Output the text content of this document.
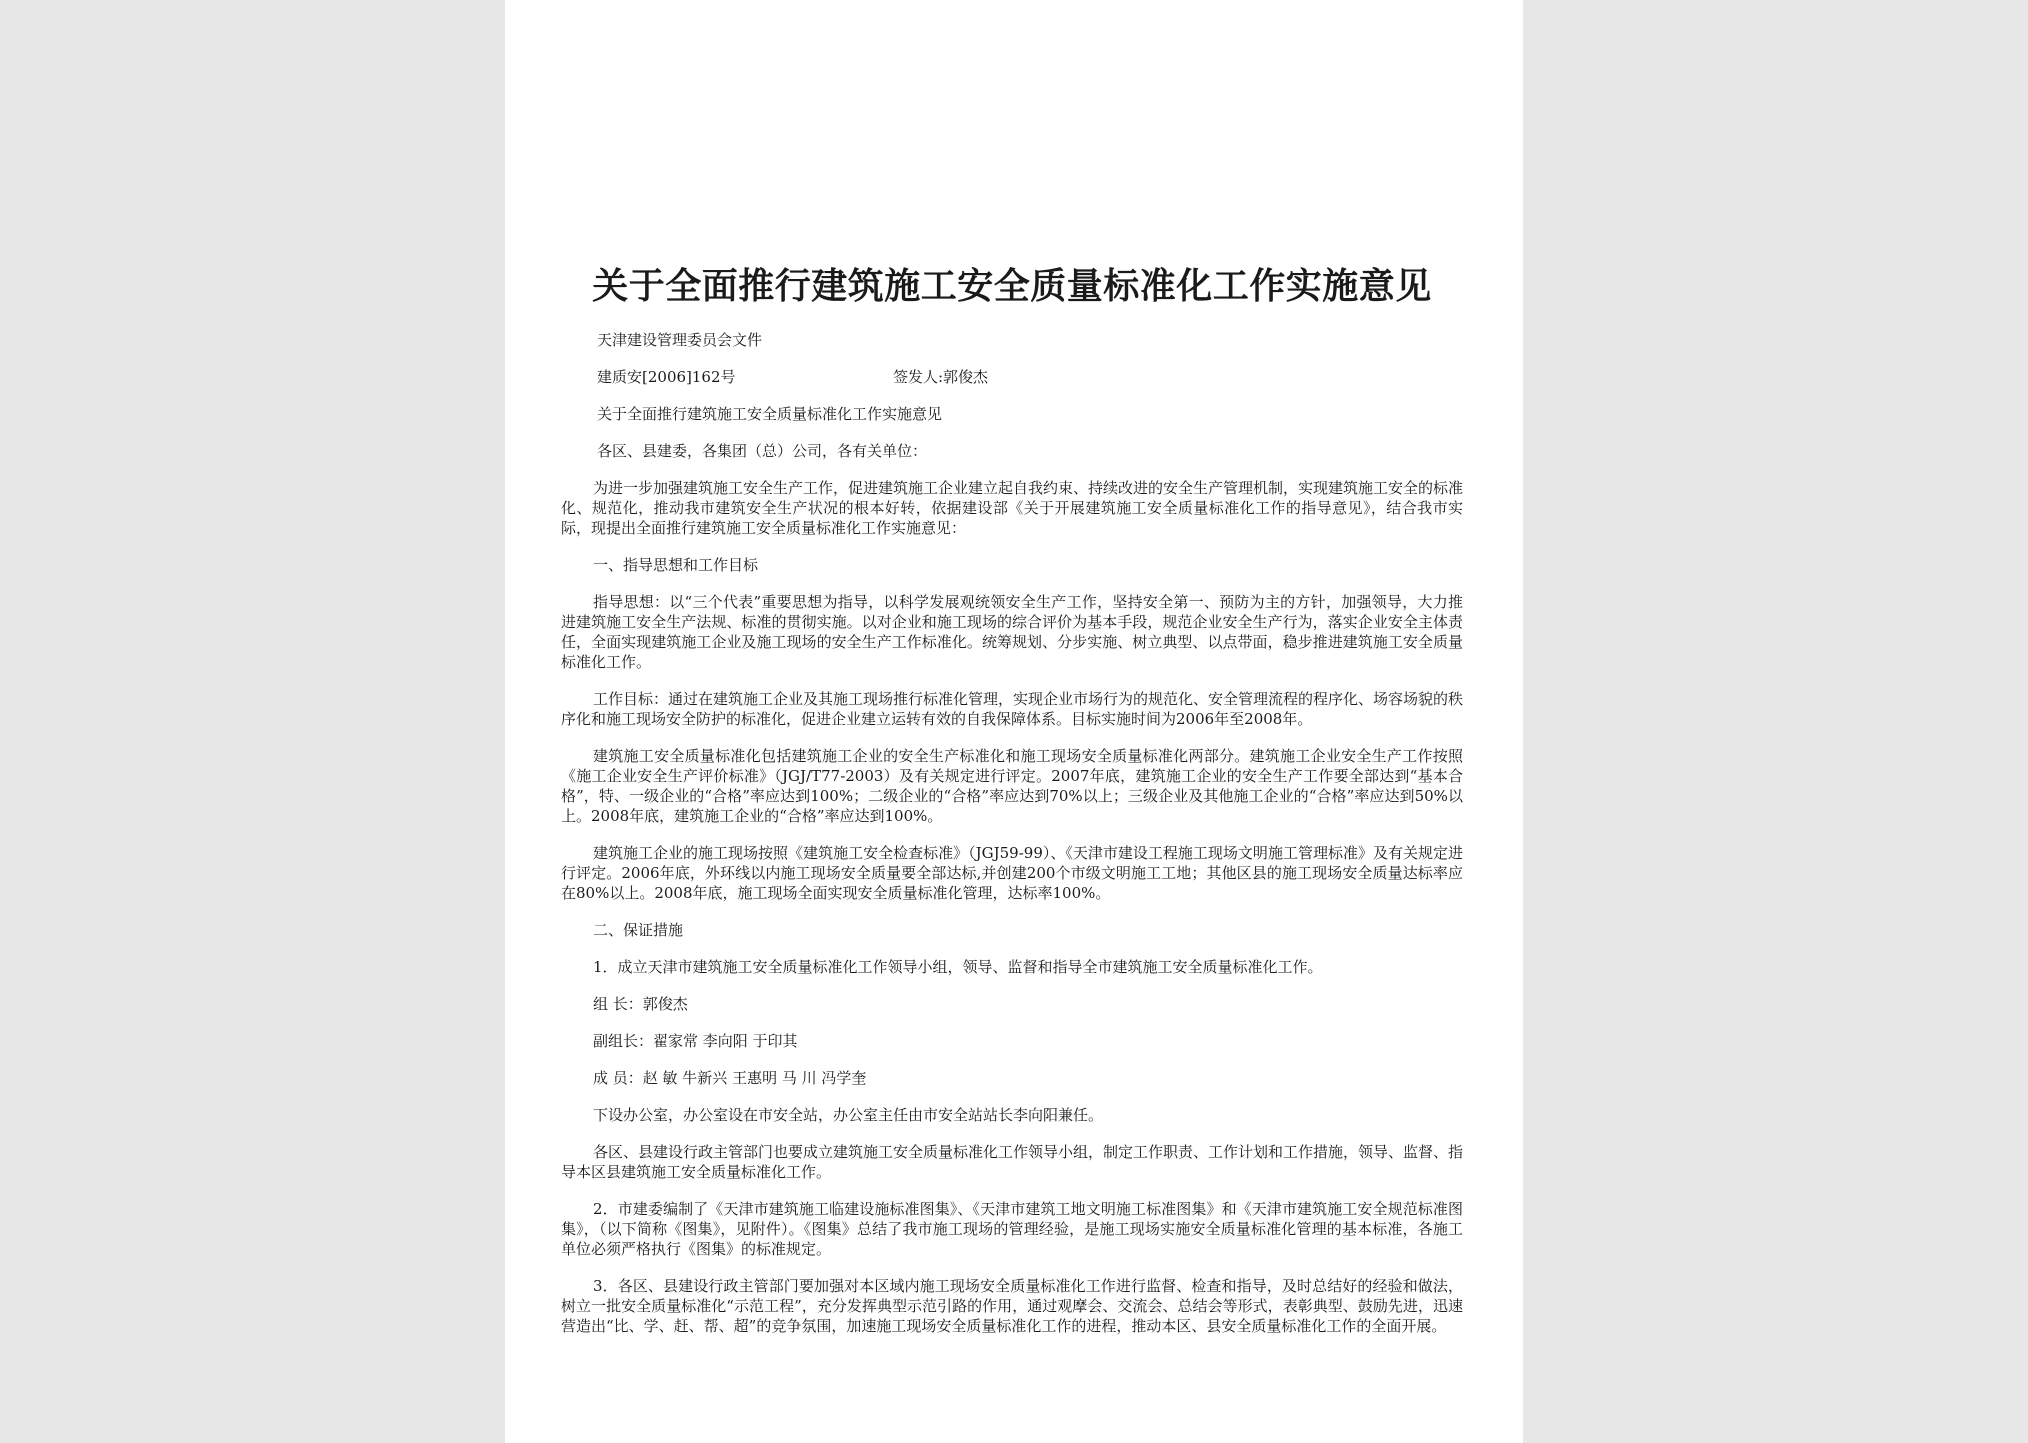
关于全面推行建筑施工安全质量标准化工作实施意见
天津建设管理委员会文件
建质安[2006]162号	签发人:郭俊杰
关于全面推行建筑施工安全质量标准化工作实施意见
各区、县建委，各集团（总）公司，各有关单位：
为进一步加强建筑施工安全生产工作，促进建筑施工企业建立起自我约束、持续改进的安全生产管理机制，实现建筑施工安全的标准化、规范化，推动我市建筑安全生产状况的根本好转，依据建设部《关于开展建筑施工安全质量标准化工作的指导意见》，结合我市实际，现提出全面推行建筑施工安全质量标准化工作实施意见：
一、指导思想和工作目标
指导思想：以“三个代表”重要思想为指导，以科学发展观统领安全生产工作，坚持安全第一、预防为主的方针，加强领导，大力推进建筑施工安全生产法规、标准的贯彻实施。以对企业和施工现场的综合评价为基本手段，规范企业安全生产行为，落实企业安全主体责任，全面实现建筑施工企业及施工现场的安全生产工作标准化。统筹规划、分步实施、树立典型、以点带面，稳步推进建筑施工安全质量标准化工作。
工作目标：通过在建筑施工企业及其施工现场推行标准化管理，实现企业市场行为的规范化、安全管理流程的程序化、场容场貌的秩序化和施工现场安全防护的标准化，促进企业建立运转有效的自我保障体系。目标实施时间为2006年至2008年。
建筑施工安全质量标准化包括建筑施工企业的安全生产标准化和施工现场安全质量标准化两部分。建筑施工企业安全生产工作按照《施工企业安全生产评价标准》（JGJ/T77-2003）及有关规定进行评定。2007年底，建筑施工企业的安全生产工作要全部达到“基本合格”，特、一级企业的“合格”率应达到100%；二级企业的“合格”率应达到70%以上；三级企业及其他施工企业的“合格”率应达到50%以上。2008年底，建筑施工企业的“合格”率应达到100%。
建筑施工企业的施工现场按照《建筑施工安全检查标准》（JGJ59-99）、《天津市建设工程施工现场文明施工管理标准》及有关规定进行评定。2006年底，外环线以内施工现场安全质量要全部达标,并创建200个市级文明施工工地；其他区县的施工现场安全质量达标率应在80%以上。2008年底，施工现场全面实现安全质量标准化管理，达标率100%。
二、保证措施
1．成立天津市建筑施工安全质量标准化工作领导小组，领导、监督和指导全市建筑施工安全质量标准化工作。
组 长：郭俊杰
副组长：翟家常 李向阳 于印其
成 员：赵 敏 牛新兴 王惠明 马 川 冯学奎
下设办公室，办公室设在市安全站，办公室主任由市安全站站长李向阳兼任。
各区、县建设行政主管部门也要成立建筑施工安全质量标准化工作领导小组，制定工作职责、工作计划和工作措施，领导、监督、指导本区县建筑施工安全质量标准化工作。
2．市建委编制了《天津市建筑施工临建设施标准图集》、《天津市建筑工地文明施工标准图集》和《天津市建筑施工安全规范标准图集》，（以下简称《图集》，见附件）。《图集》总结了我市施工现场的管理经验，是施工现场实施安全质量标准化管理的基本标准，各施工单位必须严格执行《图集》的标准规定。
3．各区、县建设行政主管部门要加强对本区域内施工现场安全质量标准化工作进行监督、检查和指导，及时总结好的经验和做法，树立一批安全质量标准化“示范工程”，充分发挥典型示范引路的作用，通过观摩会、交流会、总结会等形式，表彰典型、鼓励先进，迅速营造出“比、学、赶、帮、超”的竞争氛围，加速施工现场安全质量标准化工作的进程，推动本区、县安全质量标准化工作的全面开展。
